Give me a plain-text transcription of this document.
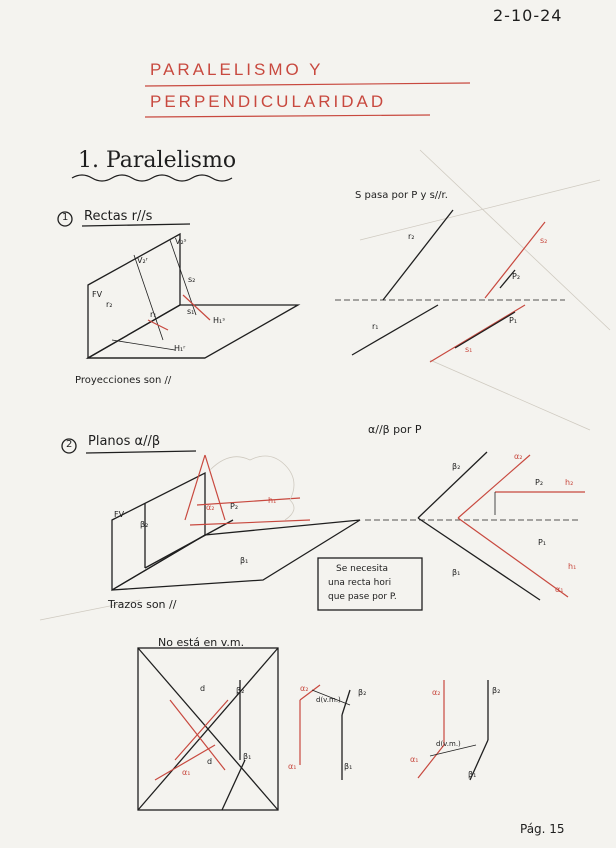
2-10-24
PARALELISMO Y
PERPENDICULARIDAD
1. Paralelismo
1 Rectas r//s
S pasa por P y s//r.
Proyecciones son //
FV
r₂
r₁
s₂
s₁
V₂ʳ
V₂ˢ
H₁ʳ
H₁ˢ
r₂
r₁
s₂
s₁
P₂
P₁
2 Planos α//β
α//β por P
Trazos son //
FV
β₂
β₁
α₂ P₂
h₁
β₂
β₁
α₂
α₁
h₂
h₁
P₂
P₁
Se necesita
una recta hori
que pase por P.
No está en v.m.
β₂
β₁
α₁
d
d
α₂
α₁
β₂
β₁
d(v.m.)
α₂
α₁
β₂
β₁
d(v.m.)
Pág. 15
